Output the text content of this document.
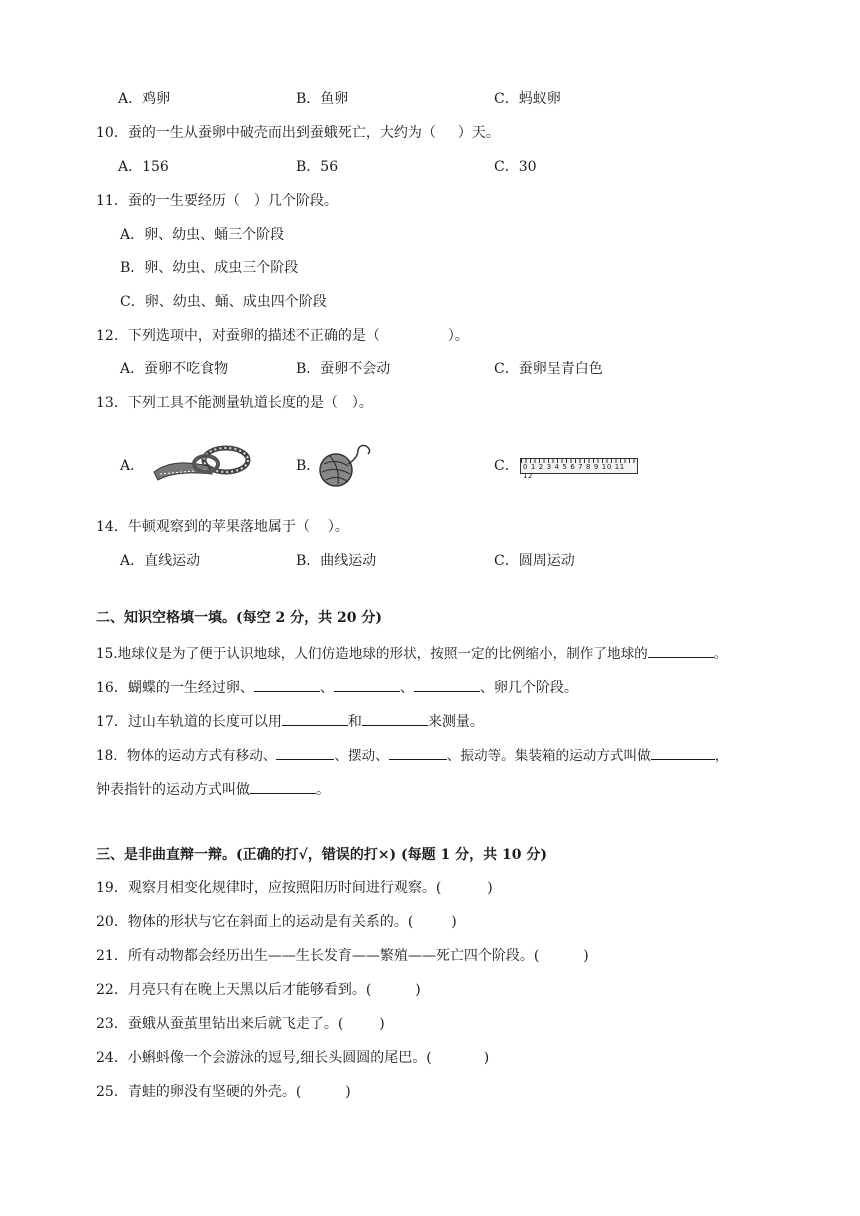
A．鸡卵	B．鱼卵	C．蚂蚁卵
10．蚕的一生从蚕卵中破壳而出到蚕蛾死亡，大约为（ ）天。
A．156	B．56	C．30
11．蚕的一生要经历（ ）几个阶段。
A．卵、幼虫、蛹三个阶段
B．卵、幼虫、成虫三个阶段
C．卵、幼虫、蛹、成虫四个阶段
12．下列选项中，对蚕卵的描述不正确的是（	）。
A．蚕卵不吃食物	B．蚕卵不会动	C．蚕卵呈青白色
13．下列工具不能测量轨道长度的是（ ）。
A．	B．	C． 0 1 2 3 4 5 6 7 8 9 10 11 12
14．牛顿观察到的苹果落地属于（ ）。
A．直线运动	B．曲线运动	C．圆周运动
二、知识空格填一填。(每空 2 分，共 20 分)
15.地球仪是为了便于认识地球，人们仿造地球的形状，按照一定的比例缩小，制作了地球的	。
16．蝴蝶的一生经过卵、	、	、	、卵几个阶段。
17．过山车轨道的长度可以用	和	来测量。
18．物体的运动方式有移动、	、摆动、	、振动等。集装箱的运动方式叫做	，
钟表指针的运动方式叫做	。
三、是非曲直辩一辩。(正确的打√，错误的打×) (每题 1 分，共 10 分)
19．观察月相变化规律时，应按照阳历时间进行观察。(	)
20．物体的形状与它在斜面上的运动是有关系的。(	)
21．所有动物都会经历出生——生长发育——繁殖——死亡四个阶段。(	)
22．月亮只有在晚上天黑以后才能够看到。(	)
23．蚕蛾从蚕茧里钻出来后就飞走了。(	)
24．小蝌蚪像一个会游泳的逗号,细长头圆圆的尾巴。(	)
25．青蛙的卵没有坚硬的外壳。(	)
